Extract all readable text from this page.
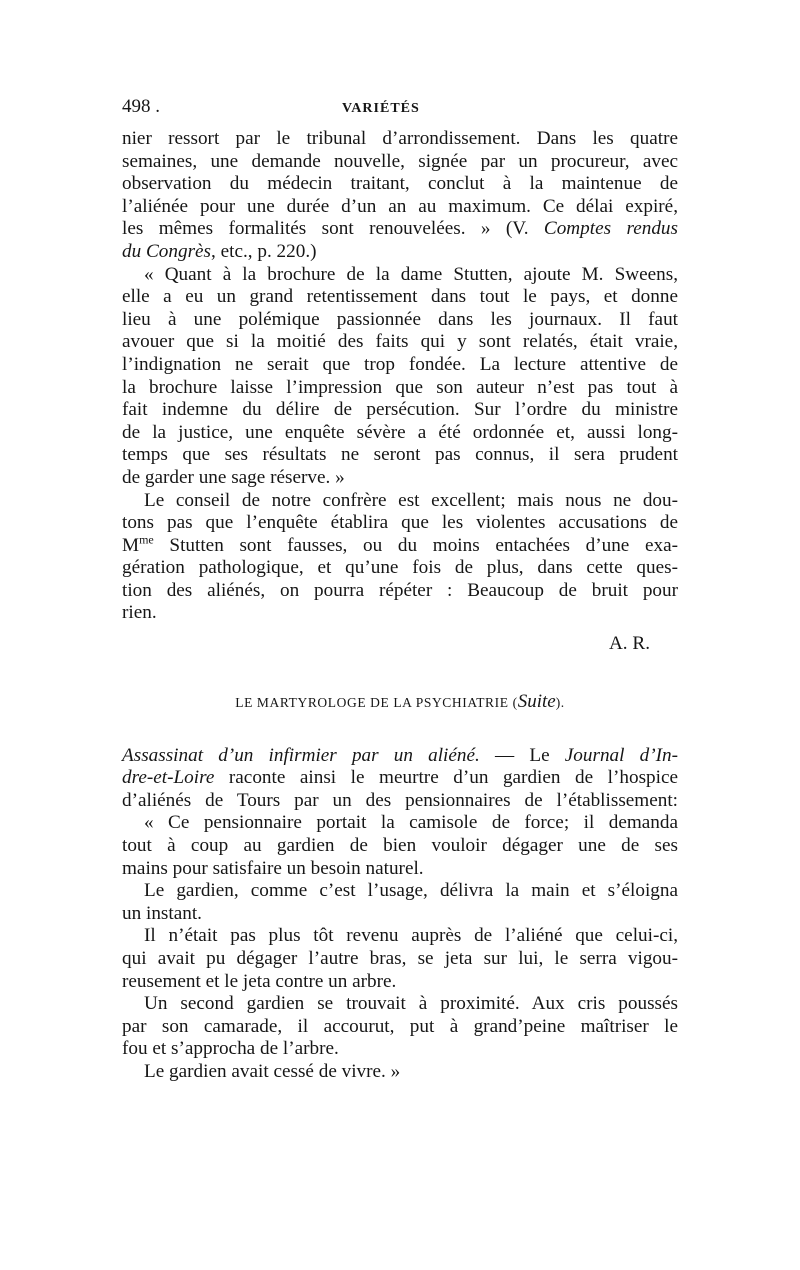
498 .	VARIÉTÉS
nier ressort par le tribunal d’arrondissement. Dans les quatre
semaines, une demande nouvelle, signée par un procureur, avec
observation du médecin traitant, conclut à la maintenue de
l’aliénée pour une durée d’un an au maximum. Ce délai expiré,
les mêmes formalités sont renouvelées. » (V. Comptes rendus
du Congrès, etc., p. 220.)
« Quant à la brochure de la dame Stutten, ajoute M. Sweens,
elle a eu un grand retentissement dans tout le pays, et donne
lieu à une polémique passionnée dans les journaux. Il faut
avouer que si la moitié des faits qui y sont relatés, était vraie,
l’indignation ne serait que trop fondée. La lecture attentive de
la brochure laisse l’impression que son auteur n’est pas tout à
fait indemne du délire de persécution. Sur l’ordre du ministre
de la justice, une enquête sévère a été ordonnée et, aussi long-
temps que ses résultats ne seront pas connus, il sera prudent
de garder une sage réserve. »
Le conseil de notre confrère est excellent; mais nous ne dou-
tons pas que l’enquête établira que les violentes accusations de
$M^{me}$ Stutten sont fausses, ou du moins entachées d’une exa-
gération pathologique, et qu’une fois de plus, dans cette ques-
tion des aliénés, on pourra répéter : Beaucoup de bruit pour
rien.
A. R.
LE MARTYROLOGE DE LA PSYCHIATRIE (Suite).
Assassinat d’un infirmier par un aliéné. — Le Journal d’In-
dre-et-Loire raconte ainsi le meurtre d’un gardien de l’hospice
d’aliénés de Tours par un des pensionnaires de l’établissement:
« Ce pensionnaire portait la camisole de force; il demanda
tout à coup au gardien de bien vouloir dégager une de ses
mains pour satisfaire un besoin naturel.
Le gardien, comme c’est l’usage, délivra la main et s’éloigna
un instant.
Il n’était pas plus tôt revenu auprès de l’aliéné que celui-ci,
qui avait pu dégager l’autre bras, se jeta sur lui, le serra vigou-
reusement et le jeta contre un arbre.
Un second gardien se trouvait à proximité. Aux cris poussés
par son camarade, il accourut, put à grand’peine maîtriser le
fou et s’approcha de l’arbre.
Le gardien avait cessé de vivre. »
